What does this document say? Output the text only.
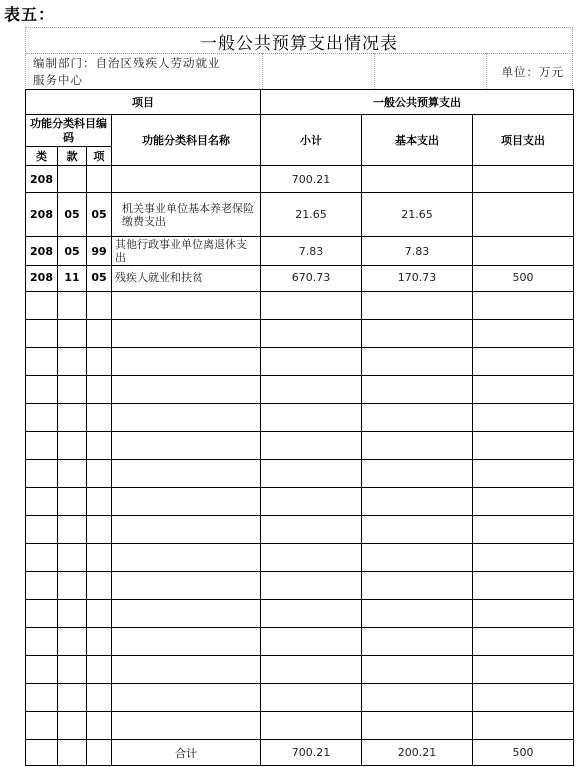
表五：
一般公共预算支出情况表
编制部门：自治区残疾人劳动就业
服务中心
单位：万元
项目				一般公共预算支出		
功能分类科目编码			功能分类科目名称	小计	基本支出	项目支出
类	款	项				
208				700.21		
208	05	05	机关事业单位基本养老保险缴费支出	21.65	21.65	
208	05	99	其他行政事业单位离退休支出	7.83	7.83	
208	11	05	残疾人就业和扶贫	670.73	170.73	500

			合计	700.21	200.21	500
